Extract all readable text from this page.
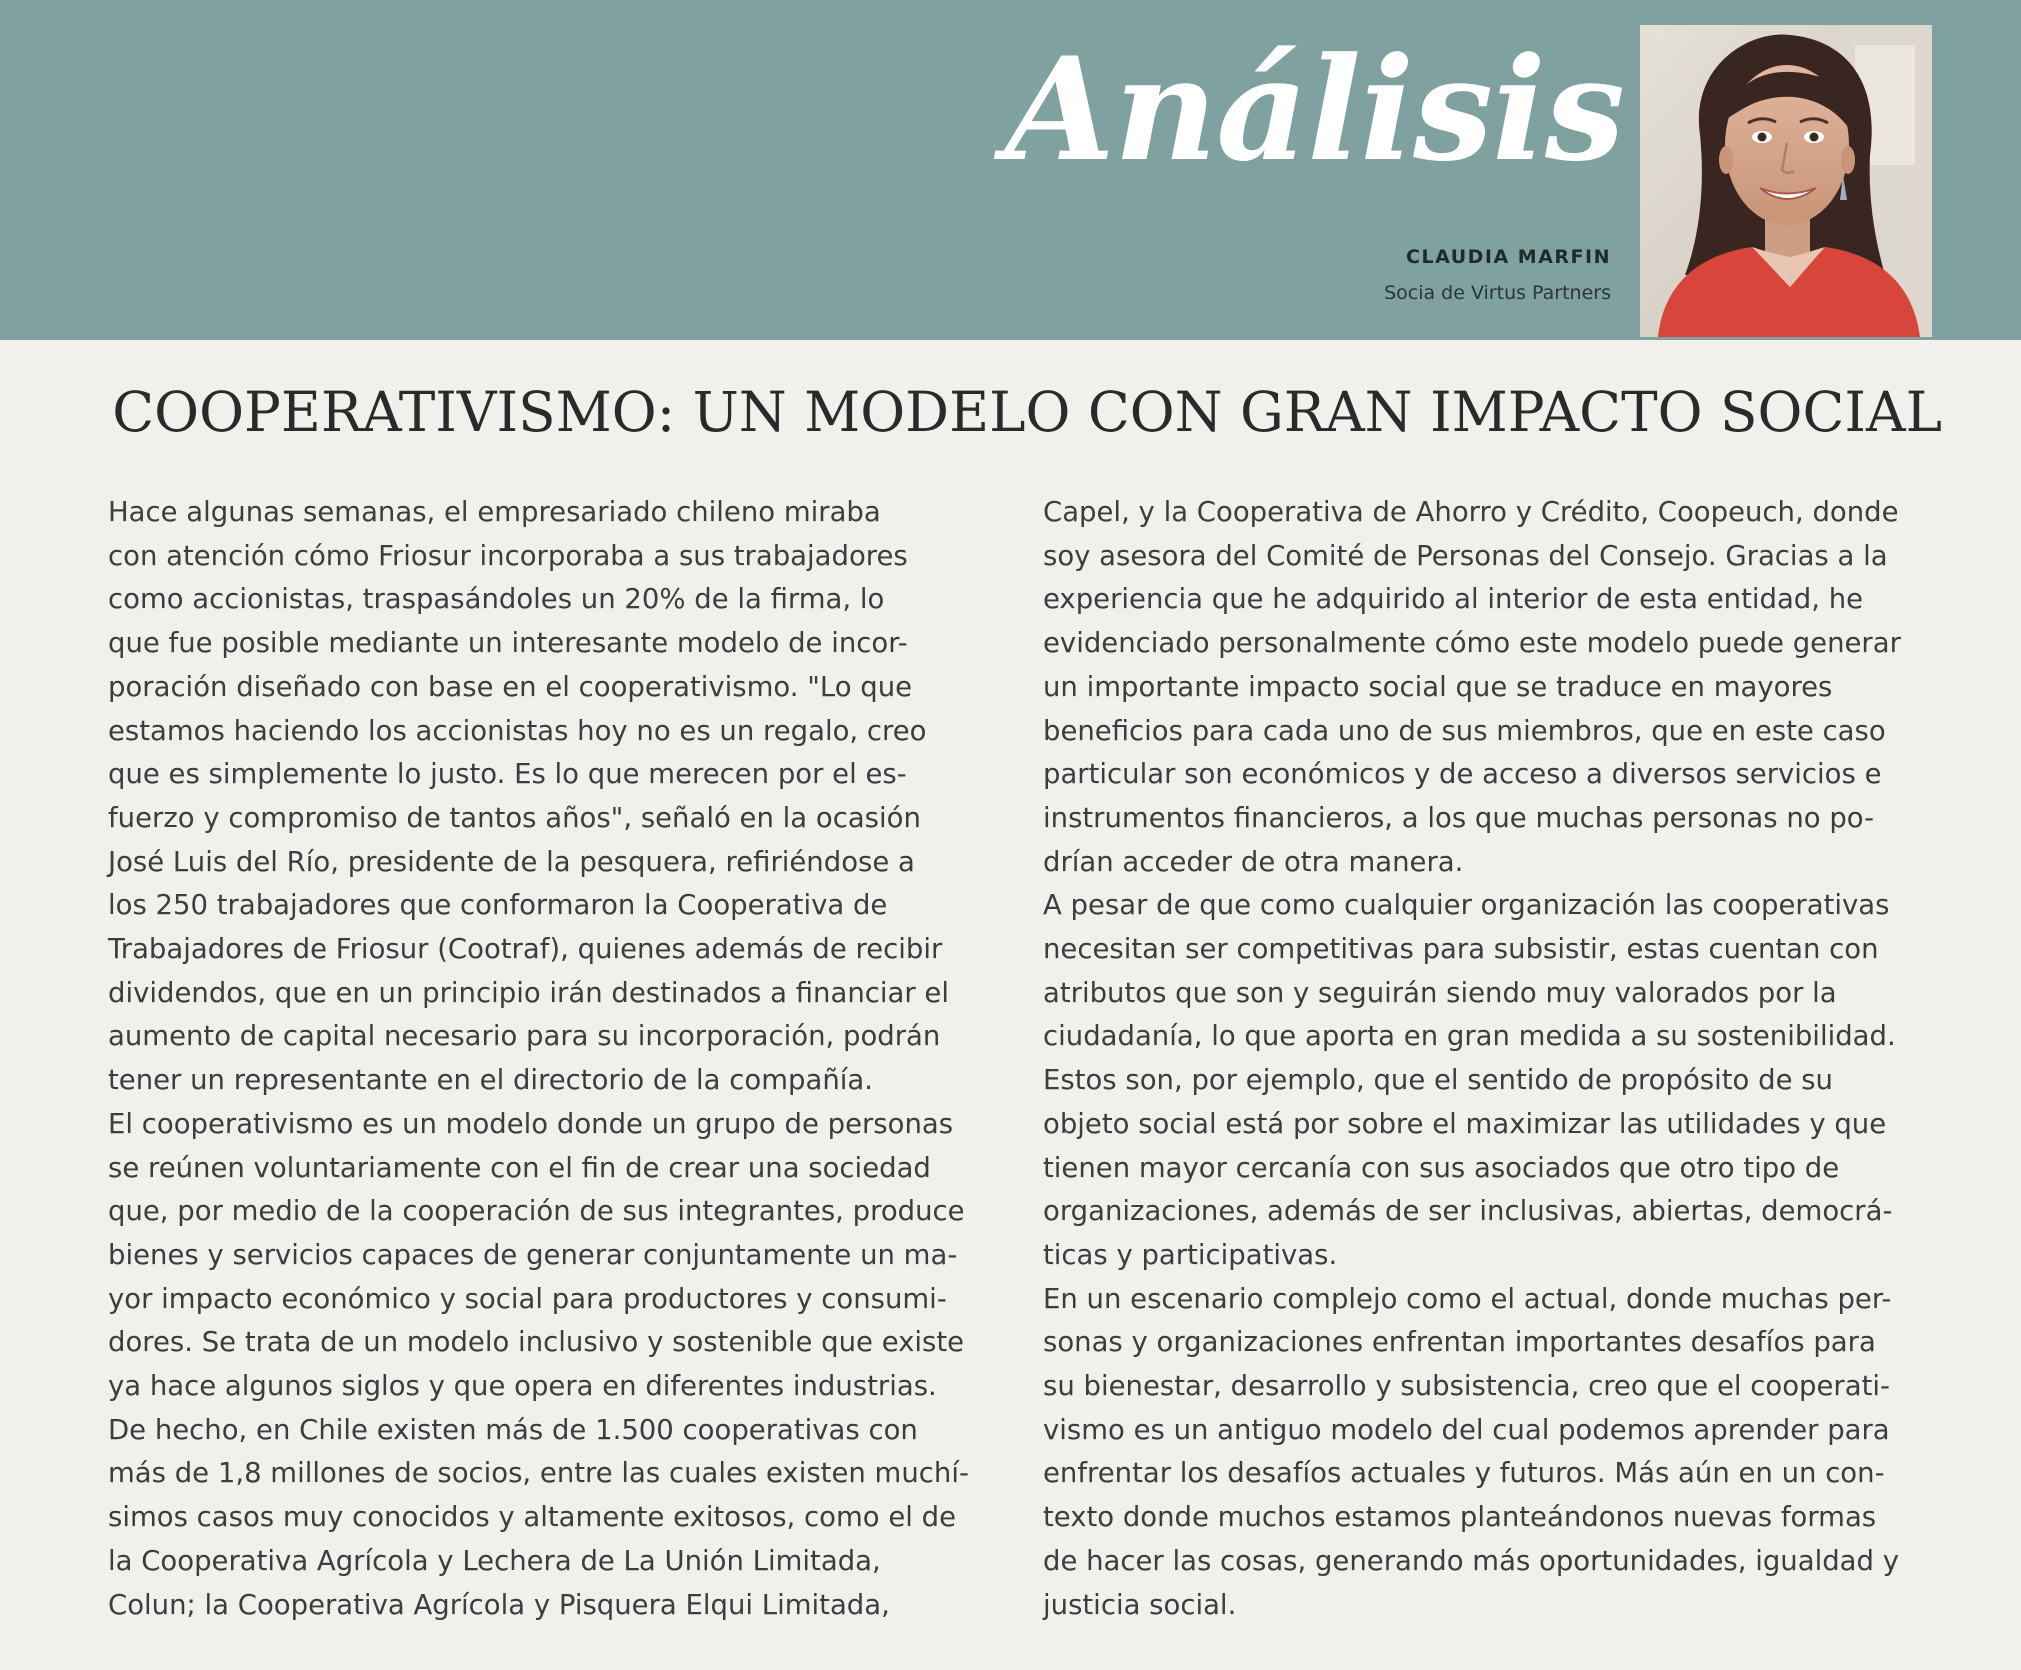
Análisis
CLAUDIA MARFIN
Socia de Virtus Partners
COOPERATIVISMO: UN MODELO CON GRAN IMPACTO SOCIAL
Hace algunas semanas, el empresariado chileno miraba
con atención cómo Friosur incorporaba a sus trabajadores
como accionistas, traspasándoles un 20% de la firma, lo
que fue posible mediante un interesante modelo de incor-
poración diseñado con base en el cooperativismo. "Lo que
estamos haciendo los accionistas hoy no es un regalo, creo
que es simplemente lo justo. Es lo que merecen por el es-
fuerzo y compromiso de tantos años", señaló en la ocasión
José Luis del Río, presidente de la pesquera, refiriéndose a
los 250 trabajadores que conformaron la Cooperativa de
Trabajadores de Friosur (Cootraf), quienes además de recibir
dividendos, que en un principio irán destinados a financiar el
aumento de capital necesario para su incorporación, podrán
tener un representante en el directorio de la compañía.
El cooperativismo es un modelo donde un grupo de personas
se reúnen voluntariamente con el fin de crear una sociedad
que, por medio de la cooperación de sus integrantes, produce
bienes y servicios capaces de generar conjuntamente un ma-
yor impacto económico y social para productores y consumi-
dores. Se trata de un modelo inclusivo y sostenible que existe
ya hace algunos siglos y que opera en diferentes industrias.
De hecho, en Chile existen más de 1.500 cooperativas con
más de 1,8 millones de socios, entre las cuales existen muchí-
simos casos muy conocidos y altamente exitosos, como el de
la Cooperativa Agrícola y Lechera de La Unión Limitada,
Colun; la Cooperativa Agrícola y Pisquera Elqui Limitada,
Capel, y la Cooperativa de Ahorro y Crédito, Coopeuch, donde
soy asesora del Comité de Personas del Consejo. Gracias a la
experiencia que he adquirido al interior de esta entidad, he
evidenciado personalmente cómo este modelo puede generar
un importante impacto social que se traduce en mayores
beneficios para cada uno de sus miembros, que en este caso
particular son económicos y de acceso a diversos servicios e
instrumentos financieros, a los que muchas personas no po-
drían acceder de otra manera.
A pesar de que como cualquier organización las cooperativas
necesitan ser competitivas para subsistir, estas cuentan con
atributos que son y seguirán siendo muy valorados por la
ciudadanía, lo que aporta en gran medida a su sostenibilidad.
Estos son, por ejemplo, que el sentido de propósito de su
objeto social está por sobre el maximizar las utilidades y que
tienen mayor cercanía con sus asociados que otro tipo de
organizaciones, además de ser inclusivas, abiertas, democrá-
ticas y participativas.
En un escenario complejo como el actual, donde muchas per-
sonas y organizaciones enfrentan importantes desafíos para
su bienestar, desarrollo y subsistencia, creo que el cooperati-
vismo es un antiguo modelo del cual podemos aprender para
enfrentar los desafíos actuales y futuros. Más aún en un con-
texto donde muchos estamos planteándonos nuevas formas
de hacer las cosas, generando más oportunidades, igualdad y
justicia social.
